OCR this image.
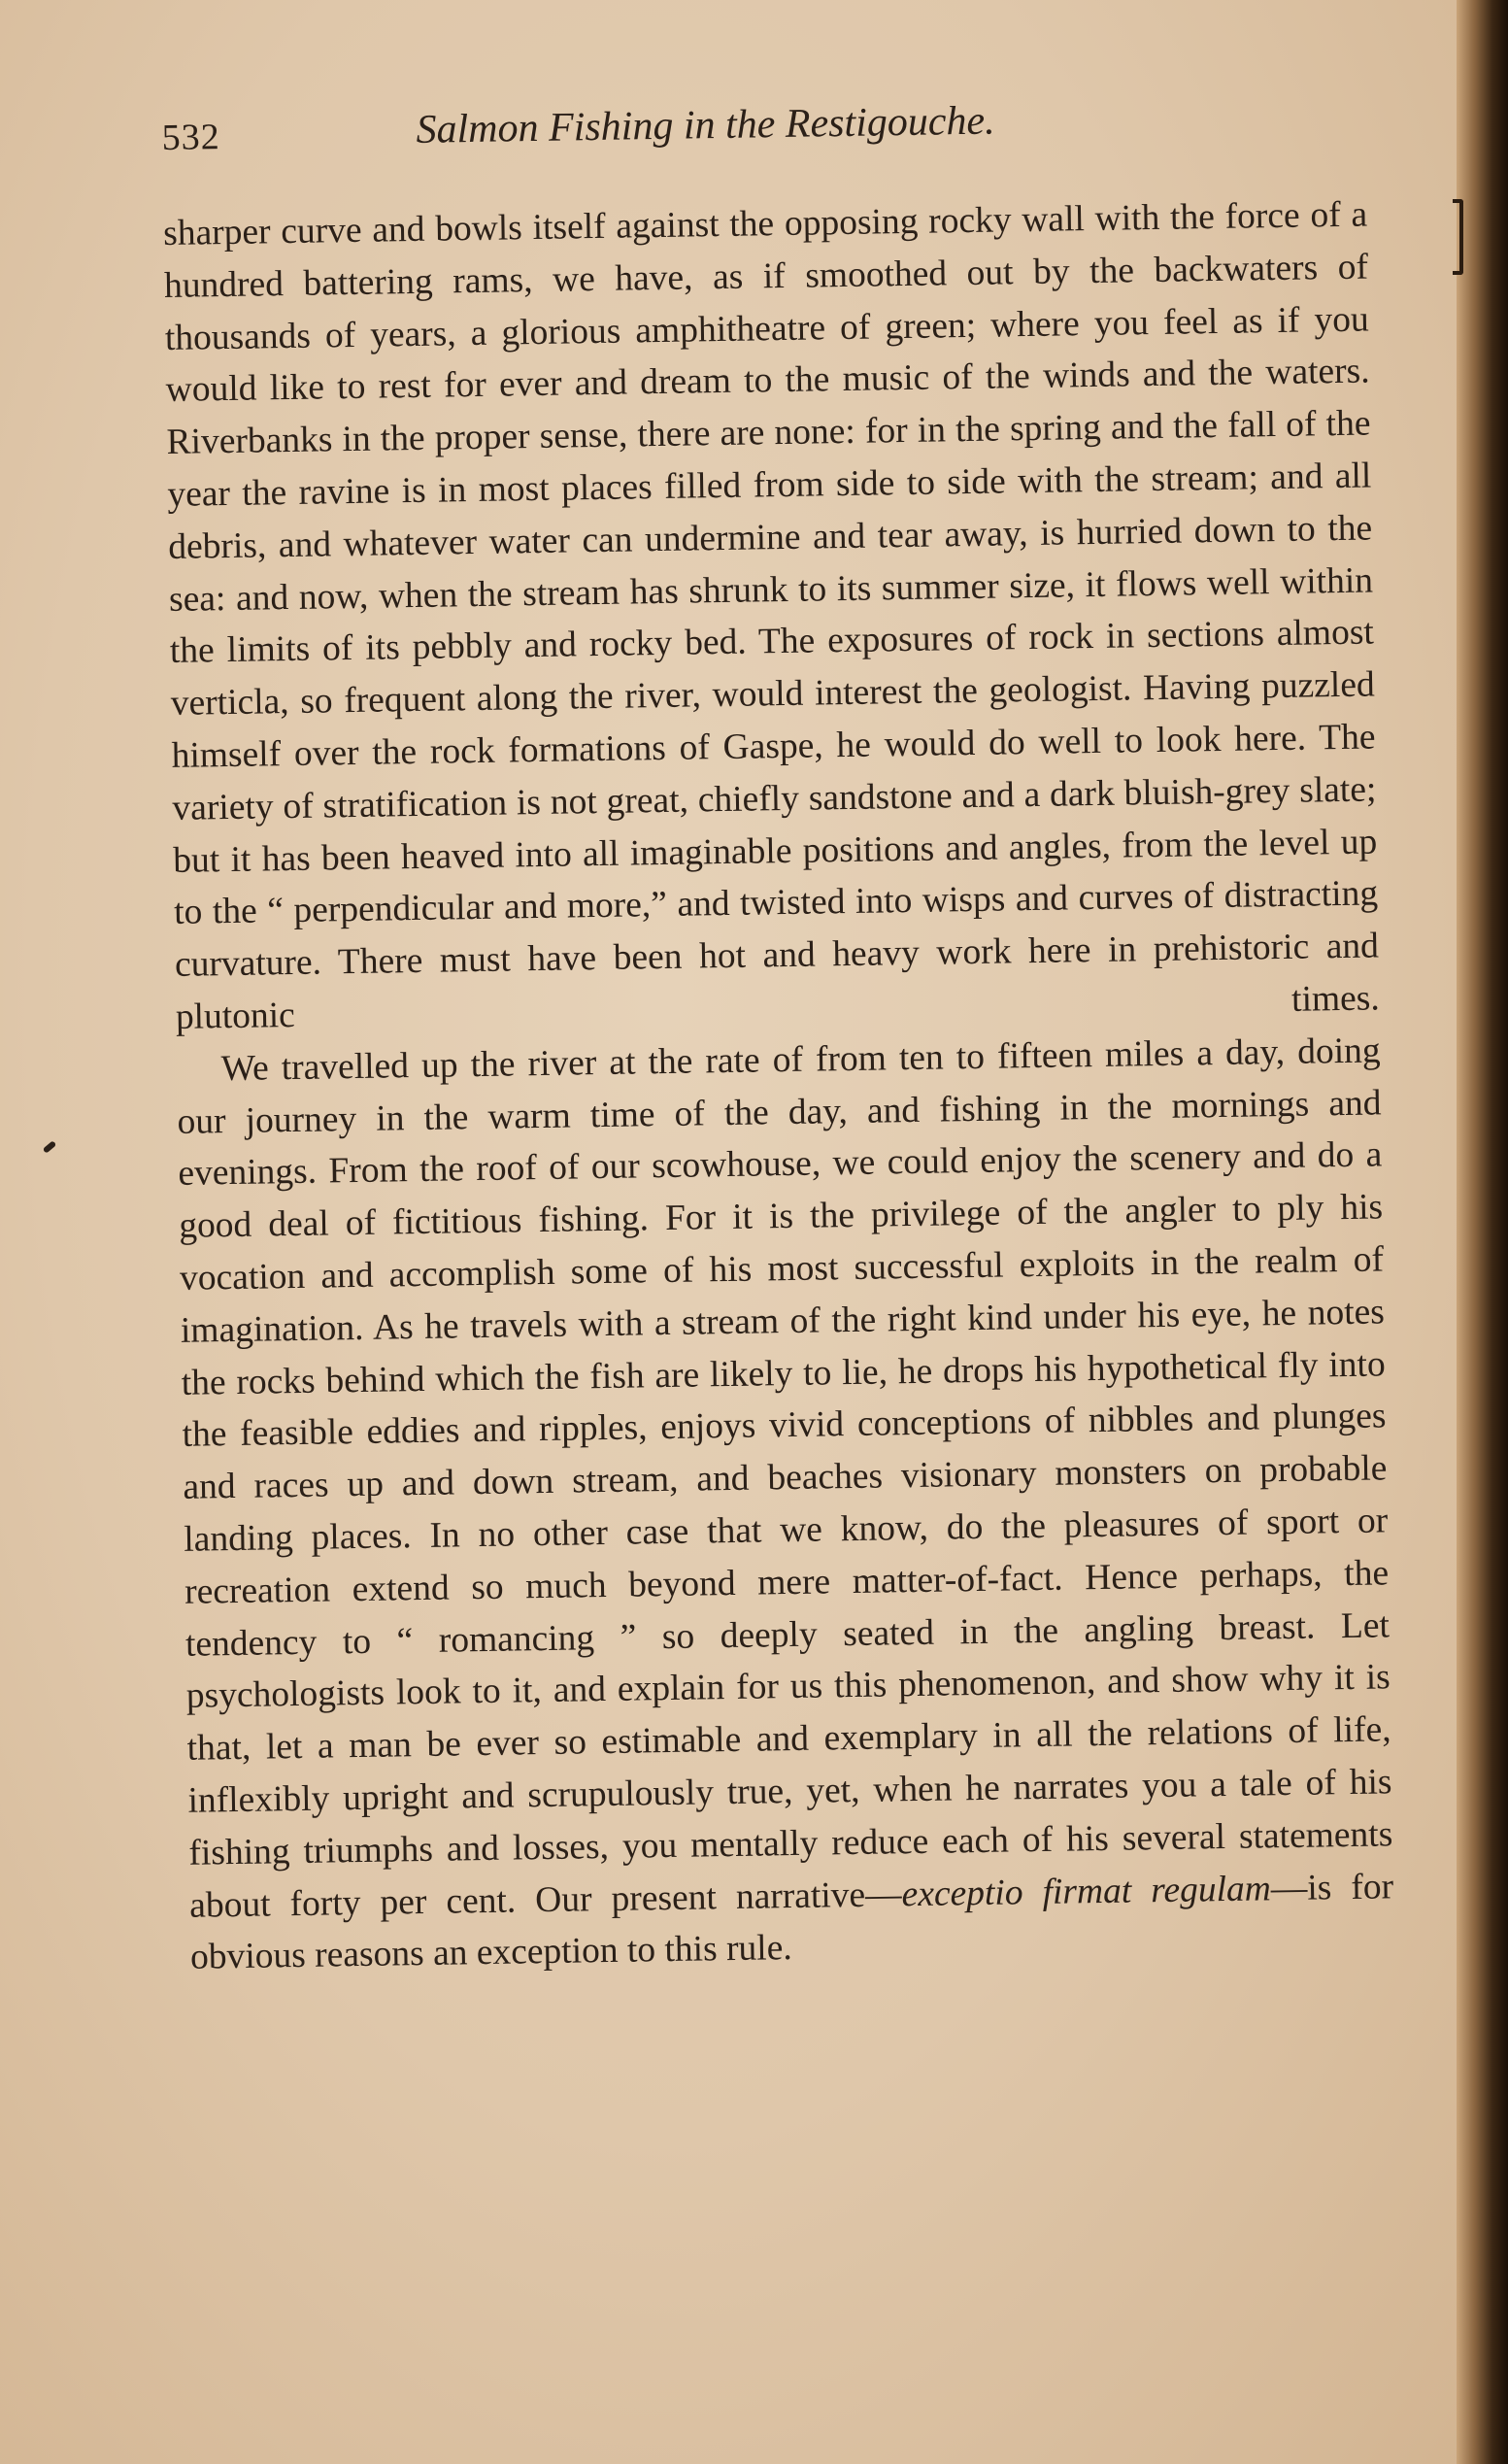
532	Salmon Fishing in the Restigouche.

sharper curve and bowls itself against the opposing rocky wall with the force of a hundred battering rams, we have, as if smoothed out by the backwaters of thousands of years, a glorious amphitheatre of green; where you feel as if you would like to rest for ever and dream to the music of the winds and the waters. Riverbanks in the proper sense, there are none: for in the spring and the fall of the year the ravine is in most places filled from side to side with the stream; and all debris, and whatever water can undermine and tear away, is hurried down to the sea: and now, when the stream has shrunk to its summer size, it flows well within the limits of its pebbly and rocky bed. The exposures of rock in sections almost verticla, so frequent along the river, would interest the geologist. Having puzzled himself over the rock formations of Gaspe, he would do well to look here. The variety of stratification is not great, chiefly sandstone and a dark bluish-grey slate; but it has been heaved into all imaginable positions and angles, from the level up to the “ perpendicular and more,” and twisted into wisps and curves of distracting curvature. There must have been hot and heavy work here in prehistoric and plutonic times.

We travelled up the river at the rate of from ten to fifteen miles a day, doing our journey in the warm time of the day, and fishing in the mornings and evenings. From the roof of our scowhouse, we could enjoy the scenery and do a good deal of fictitious fishing. For it is the privilege of the angler to ply his vocation and accomplish some of his most successful exploits in the realm of imagination. As he travels with a stream of the right kind under his eye, he notes the rocks behind which the fish are likely to lie, he drops his hypothetical fly into the feasible eddies and ripples, enjoys vivid conceptions of nibbles and plunges and races up and down stream, and beaches visionary monsters on probable landing places. In no other case that we know, do the pleasures of sport or recreation extend so much beyond mere matter-of-fact. Hence perhaps, the tendency to “ romancing ” so deeply seated in the angling breast. Let psychologists look to it, and explain for us this phenomenon, and show why it is that, let a man be ever so estimable and exemplary in all the relations of life, inflexibly upright and scrupulously true, yet, when he narrates you a tale of his fishing triumphs and losses, you mentally reduce each of his several statements about forty per cent. Our present narrative—exceptio firmat regulam—is for obvious reasons an exception to this rule.
